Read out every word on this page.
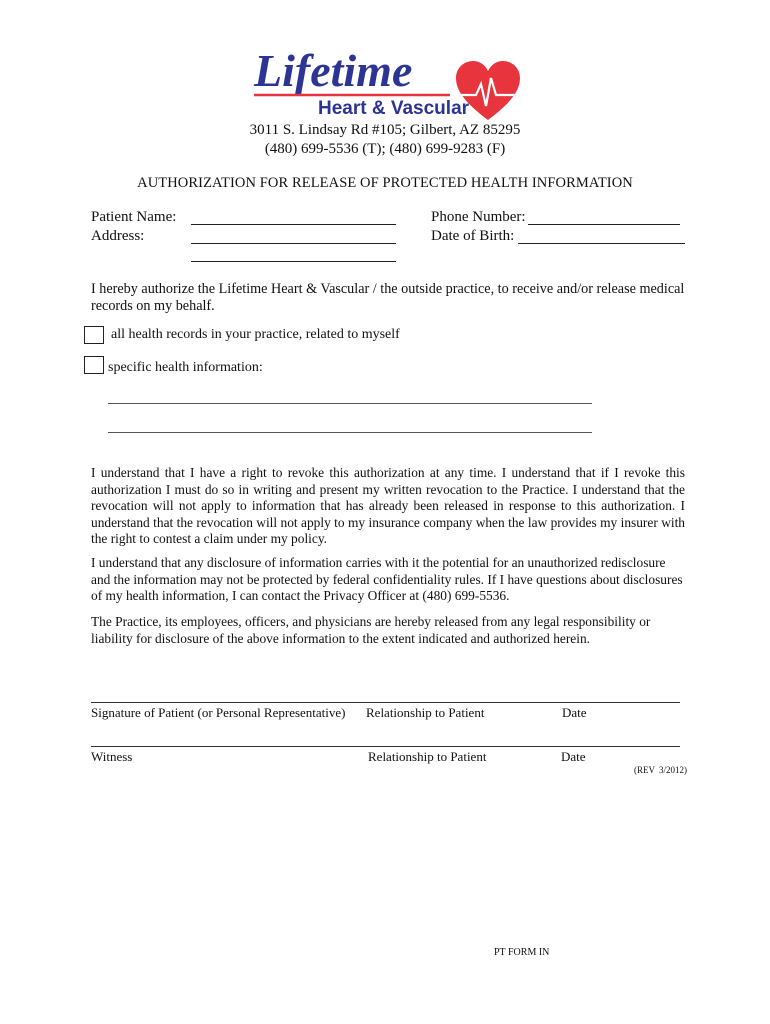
Lifetime
Heart & Vascular
3011 S. Lindsay Rd #105; Gilbert, AZ 85295
(480) 699-5536 (T); (480) 699-9283 (F)
AUTHORIZATION FOR RELEASE OF PROTECTED HEALTH INFORMATION
Patient Name:
Address:
Phone Number:
Date of Birth:
I hereby authorize the Lifetime Heart & Vascular / the outside practice, to receive and/or release medical records on my behalf.
all health records in your practice, related to myself
specific health information:
I understand that I have a right to revoke this authorization at any time. I understand that if I revoke this authorization I must do so in writing and present my written revocation to the Practice. I understand that the revocation will not apply to information that has already been released in response to this authorization. I understand that the revocation will not apply to my insurance company when the law provides my insurer with the right to contest a claim under my policy.
I understand that any disclosure of information carries with it the potential for an unauthorized redisclosure and the information may not be protected by federal confidentiality rules. If I have questions about disclosures of my health information, I can contact the Privacy Officer at (480) 699-5536.
The Practice, its employees, officers, and physicians are hereby released from any legal responsibility or liability for disclosure of the above information to the extent indicated and authorized herein.
Signature of Patient (or Personal Representative) Relationship to Patient	Date
Witness	Relationship to Patient	Date
(REV 3/2012)
PT FORM IN
